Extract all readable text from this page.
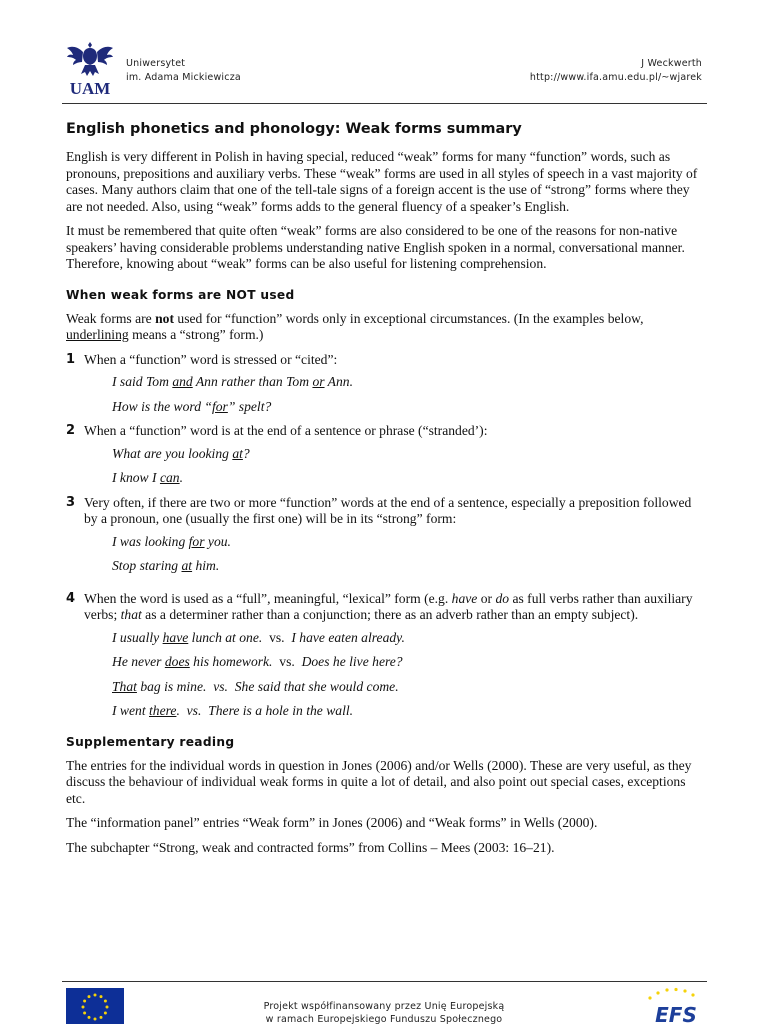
UAM
Uniwersytet
im. Adama Mickiewicza
J Weckwerth
http://www.ifa.amu.edu.pl/~wjarek
English phonetics and phonology: Weak forms summary

English is very different in Polish in having special, reduced “weak” forms for many “function” words, such as pronouns, prepositions and auxiliary verbs. These “weak” forms are used in all styles of speech in a vast majority of cases. Many authors claim that one of the tell-tale signs of a foreign accent is the use of “strong” forms where they are not needed. Also, using “weak” forms adds to the general fluency of a speaker’s English.

It must be remembered that quite often “weak” forms are also considered to be one of the reasons for non-native speakers’ having considerable problems understanding native English spoken in a normal, conversational manner. Therefore, knowing about “weak” forms can be also useful for listening comprehension.

When weak forms are NOT used

Weak forms are not used for “function” words only in exceptional circumstances. (In the examples below, underlining means a “strong” form.)

1 When a “function” word is stressed or “cited”:

I said Tom and Ann rather than Tom or Ann.

How is the word “for” spelt?

2 When a “function” word is at the end of a sentence or phrase (“stranded’):

What are you looking at?

I know I can.

3 Very often, if there are two or more “function” words at the end of a sentence, especially a preposition followed by a pronoun, one (usually the first one) will be in its “strong” form:

I was looking for you.

Stop staring at him.

4 When the word is used as a “full”, meaningful, “lexical” form (e.g. have or do as full verbs rather than auxiliary verbs; that as a determiner rather than a conjunction; there as an adverb rather than an empty subject).

I usually have lunch at one. vs. I have eaten already.

He never does his homework. vs. Does he live here?

That bag is mine. vs. She said that she would come.

I went there. vs. There is a hole in the wall.

Supplementary reading

The entries for the individual words in question in Jones (2006) and/or Wells (2000). These are very useful, as they discuss the behaviour of individual weak forms in quite a lot of detail, and also point out special cases, exceptions etc.

The “information panel” entries “Weak form” in Jones (2006) and “Weak forms” in Wells (2000).

The subchapter “Strong, weak and contracted forms” from Collins – Mees (2003: 16–21).

Projekt współfinansowany przez Unię Europejską
w ramach Europejskiego Funduszu Społecznego	EFS
